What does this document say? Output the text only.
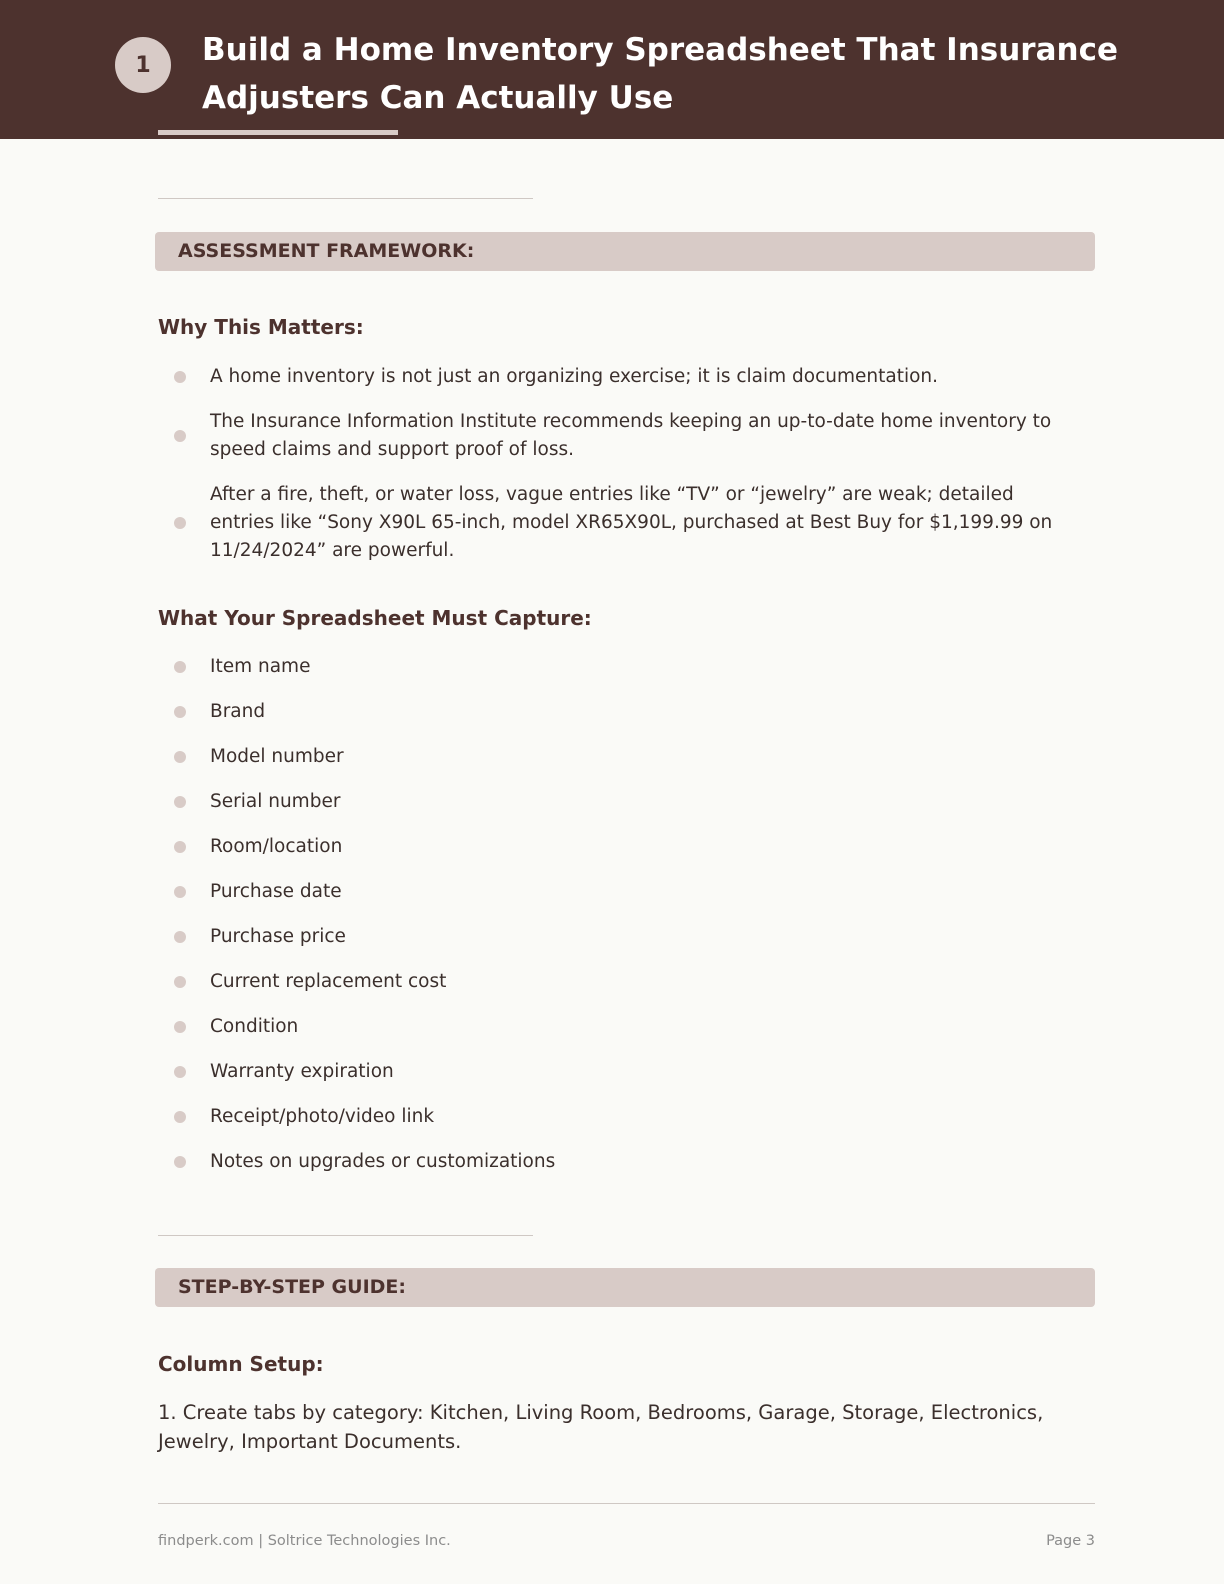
1	Build a Home Inventory Spreadsheet That Insurance Adjusters Can Actually Use
ASSESSMENT FRAMEWORK:
Why This Matters:
A home inventory is not just an organizing exercise; it is claim documentation.
The Insurance Information Institute recommends keeping an up-to-date home inventory to speed claims and support proof of loss.
After a fire, theft, or water loss, vague entries like “TV” or “jewelry” are weak; detailed entries like “Sony X90L 65-inch, model XR65X90L, purchased at Best Buy for $1,199.99 on 11/24/2024” are powerful.
What Your Spreadsheet Must Capture:
Item name
Brand
Model number
Serial number
Room/location
Purchase date
Purchase price
Current replacement cost
Condition
Warranty expiration
Receipt/photo/video link
Notes on upgrades or customizations
STEP-BY-STEP GUIDE:
Column Setup:

1. Create tabs by category: Kitchen, Living Room, Bedrooms, Garage, Storage, Electronics, Jewelry, Important Documents.

findperk.com | Soltrice Technologies Inc.	Page 3
